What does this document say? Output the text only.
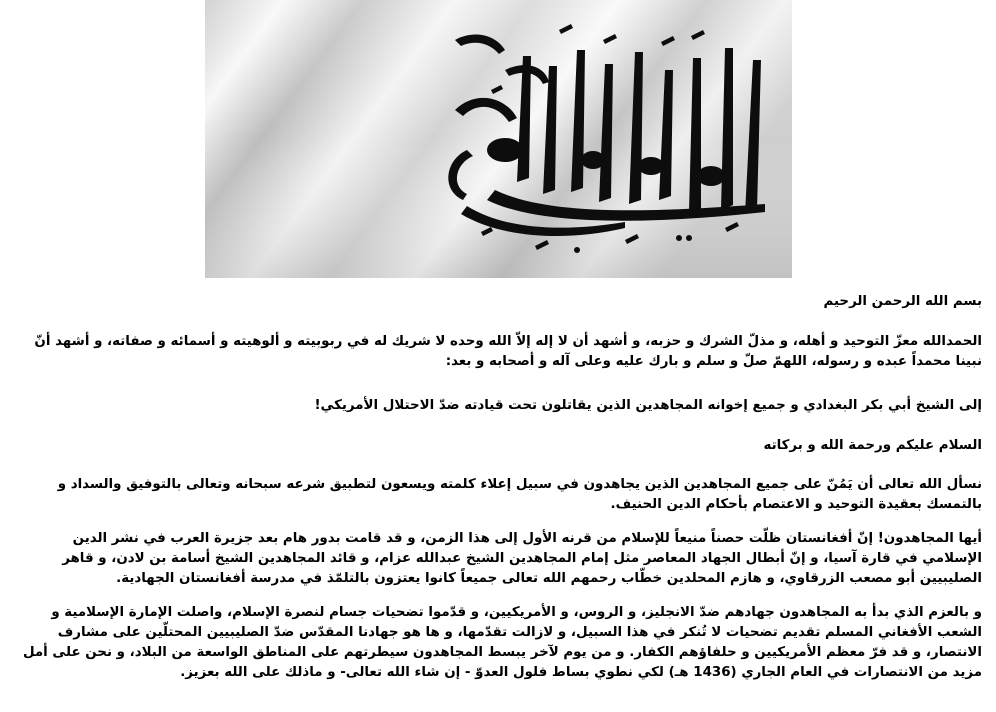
بسم الله الرحمن الرحيم

الحمدالله معزّ التوحيد و أهله، و مذلّ الشرك و حزبه، و أشهد أن لا إله إلاّ الله وحده لا شريك له في ربوبيته و ألوهيته و أسمائه و صفاته، و أشهد أنّ نبينا محمداً عبده و رسوله، اللهمّ صلّ و سلم و بارك عليه وعلى آله و أصحابه و بعد:

إلى الشيخ أبي بكر البغدادي و جميع إخوانه المجاهدين الذين يقاتلون تحت قيادته ضدّ الاحتلال الأمريكي!

السلام عليكم ورحمة الله و بركاته

نسأل الله تعالى أن يَمُنّ على جميع المجاهدين الذين يجاهدون في سبيل إعلاء كلمته ويسعون لتطبيق شرعه سبحانه وتعالى بالتوفيق والسداد و بالتمسك بعقيدة التوحيد و الاعتصام بأحكام الدين الحنيف.

أيها المجاهدون! إنّ أفغانستان ظلّت حصناً منيعاً للإسلام من قرنه الأول إلى هذا الزمن، و قد قامت بدور هام بعد جزيرة العرب في نشر الدين الإسلامي في قارة آسيا، و إنّ أبطال الجهاد المعاصر مثل إمام المجاهدين الشيخ عبدالله عزام، و قائد المجاهدين الشيخ أسامة بن لادن، و قاهر الصليبيين أبو مصعب الزرقاوي، و هازم المحلدين خطّاب رحمهم الله تعالى جميعاً كانوا يعتزون بالتلمّذ في مدرسة أفغانستان الجهادية.

و بالعزم الذي بدأ به المجاهدون جهادهم ضدّ الانجليز، و الروس، و الأمريكيين، و قدّموا تضحيات جسام لنصرة الإسلام، واصلت الإمارة الإسلامية و الشعب الأفغاني المسلم تقديم تضحيات لا تُنكر في هذا السبيل، و لازالت تقدّمها، و ها هو جهادنا المقدّس ضدّ الصليبيين المحتلّين على مشارف الانتصار، و قد فرّ معظم الأمريكيين و حلفاؤهم الكفار. و من يوم لآخر يبسط المجاهدون سيطرتهم على المناطق الواسعة من البلاد، و نحن على أمل مزيد من الانتصارات في العام الجاري (1436 هـ) لكي نطوي بساط فلول العدوّ - إن شاء الله تعالى- و ماذلك على الله بعزيز.
